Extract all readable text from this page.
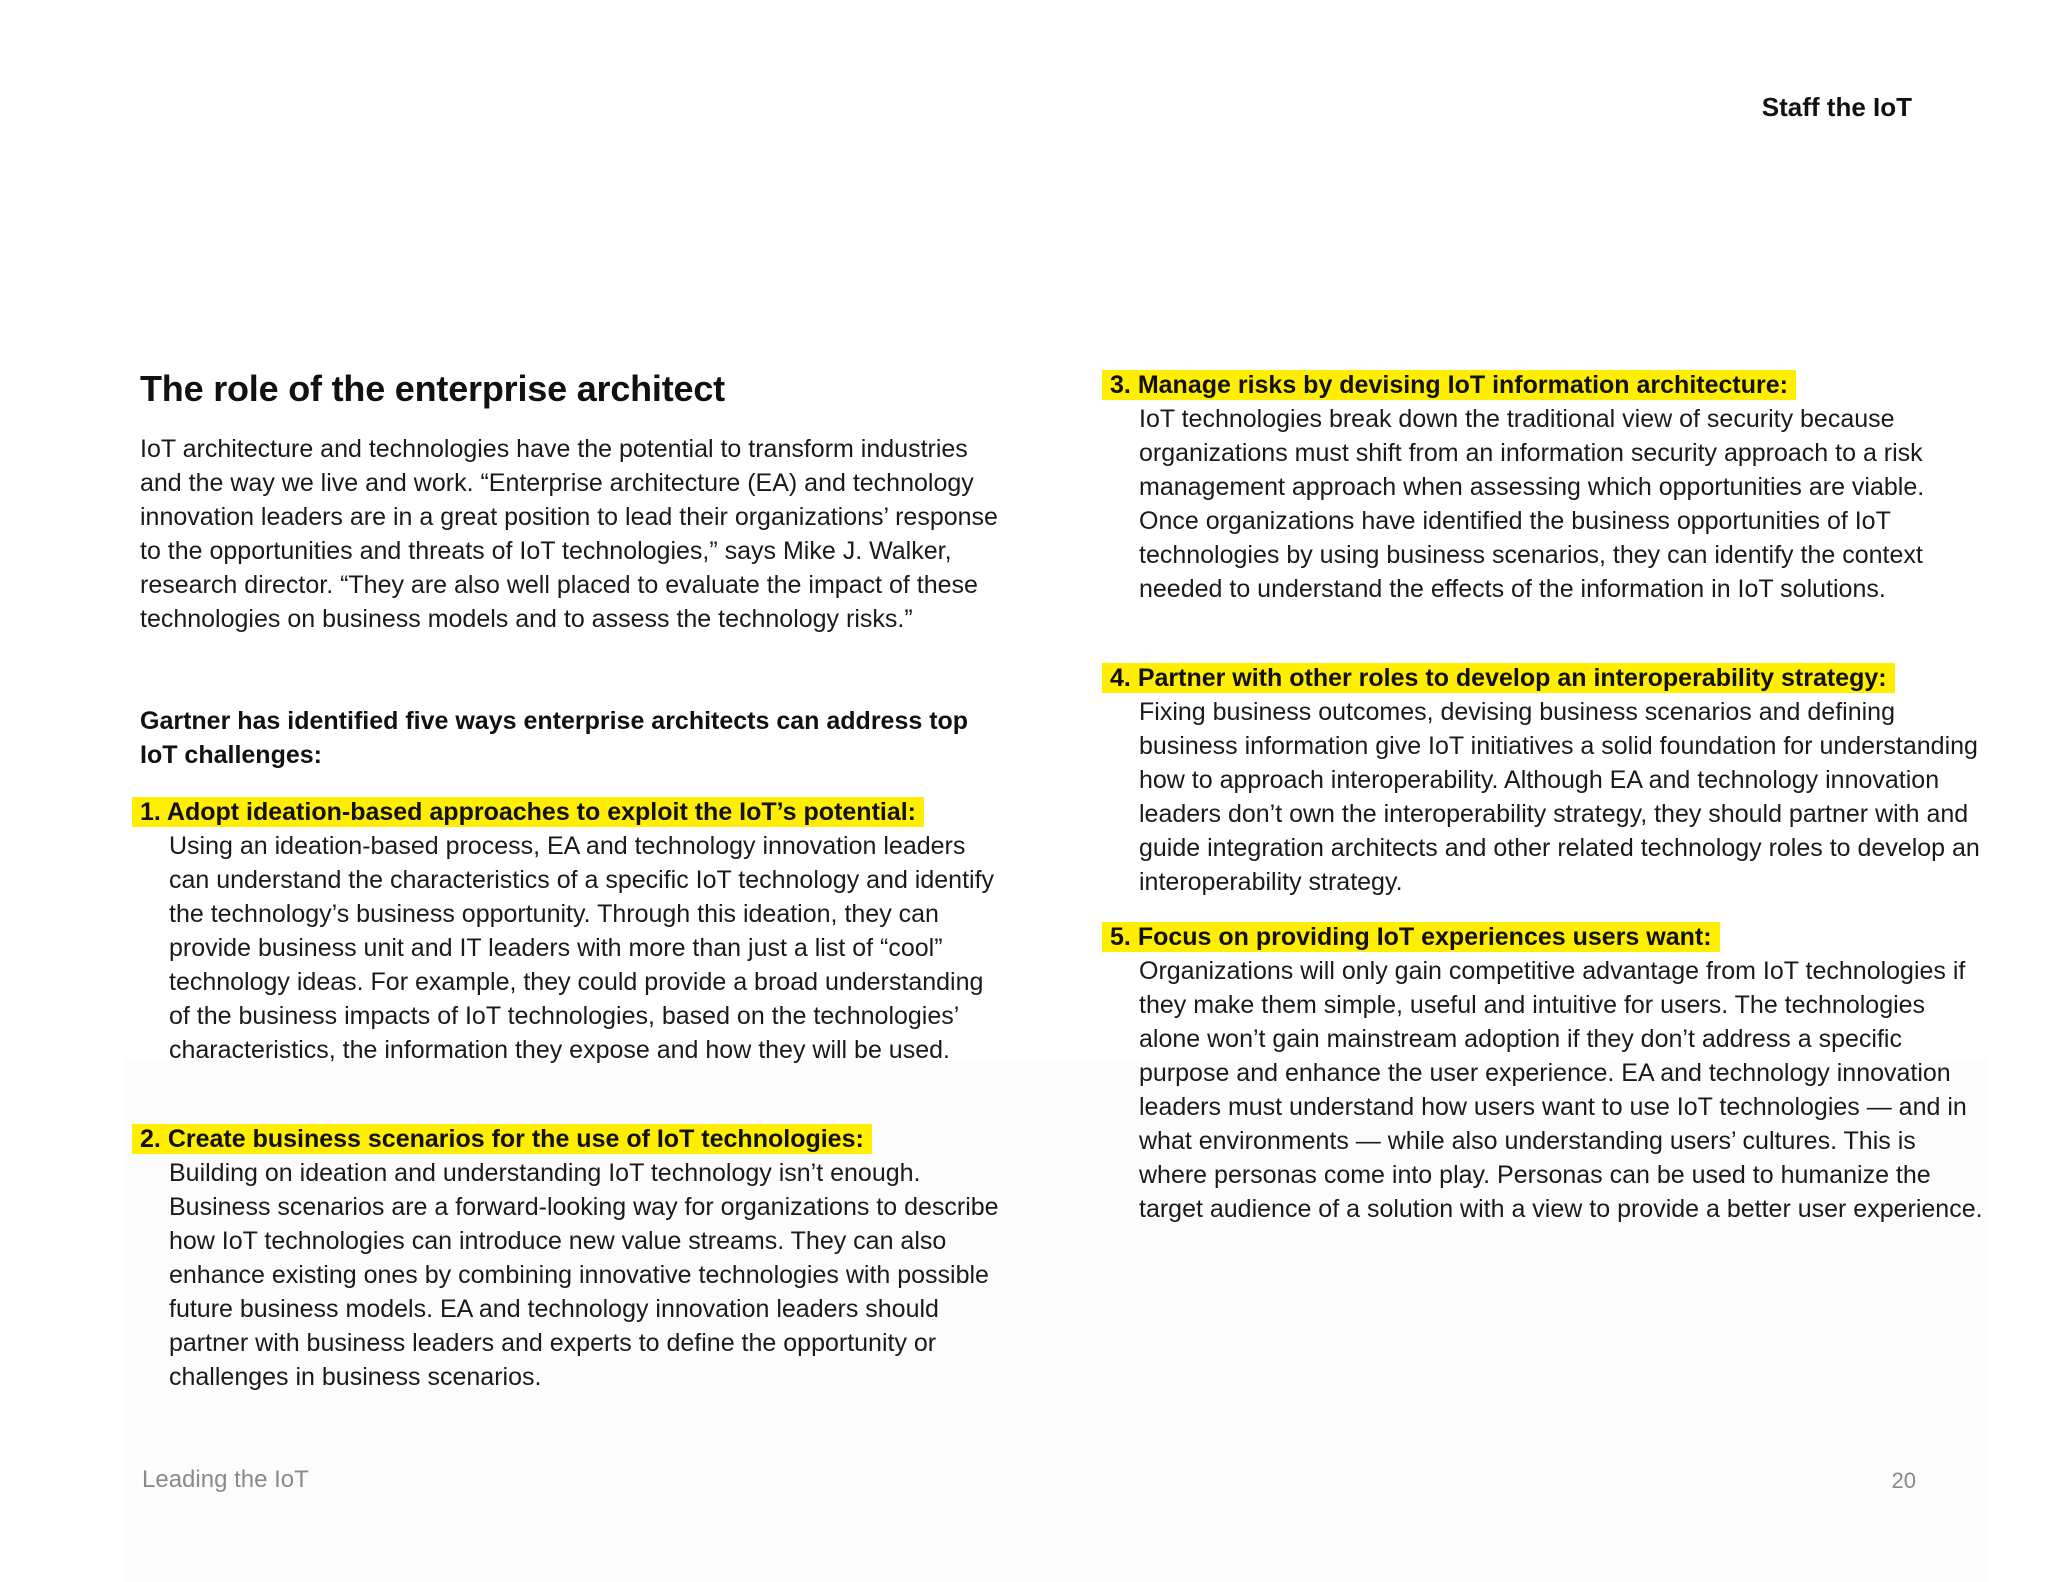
Staff the IoT
The role of the enterprise architect

IoT architecture and technologies have the potential to transform industries and the way we live and work. “Enterprise architecture (EA) and technology innovation leaders are in a great position to lead their organizations’ response to the opportunities and threats of IoT technologies,” says Mike J. Walker, research director. “They are also well placed to evaluate the impact of these technologies on business models and to assess the technology risks.”

Gartner has identified five ways enterprise architects can address top IoT challenges:

1. Adopt ideation-based approaches to exploit the IoT’s potential:
Using an ideation-based process, EA and technology innovation leaders can understand the characteristics of a specific IoT technology and identify the technology’s business opportunity. Through this ideation, they can provide business unit and IT leaders with more than just a list of “cool” technology ideas. For example, they could provide a broad understanding of the business impacts of IoT technologies, based on the technologies’ characteristics, the information they expose and how they will be used.
2. Create business scenarios for the use of IoT technologies:
Building on ideation and understanding IoT technology isn’t enough. Business scenarios are a forward-looking way for organizations to describe how IoT technologies can introduce new value streams. They can also enhance existing ones by combining innovative technologies with possible future business models. EA and technology innovation leaders should partner with business leaders and experts to define the opportunity or challenges in business scenarios.
3. Manage risks by devising IoT information architecture:
IoT technologies break down the traditional view of security because organizations must shift from an information security approach to a risk management approach when assessing which opportunities are viable. Once organizations have identified the business opportunities of IoT technologies by using business scenarios, they can identify the context needed to understand the effects of the information in IoT solutions.
4. Partner with other roles to develop an interoperability strategy:
Fixing business outcomes, devising business scenarios and defining business information give IoT initiatives a solid foundation for understanding how to approach interoperability. Although EA and technology innovation leaders don’t own the interoperability strategy, they should partner with and guide integration architects and other related technology roles to develop an interoperability strategy.
5. Focus on providing IoT experiences users want:
Organizations will only gain competitive advantage from IoT technologies if they make them simple, useful and intuitive for users. The technologies alone won’t gain mainstream adoption if they don’t address a specific purpose and enhance the user experience. EA and technology innovation leaders must understand how users want to use IoT technologies — and in what environments — while also understanding users’ cultures. This is where personas come into play. Personas can be used to humanize the target audience of a solution with a view to provide a better user experience.
Leading the IoT	20
